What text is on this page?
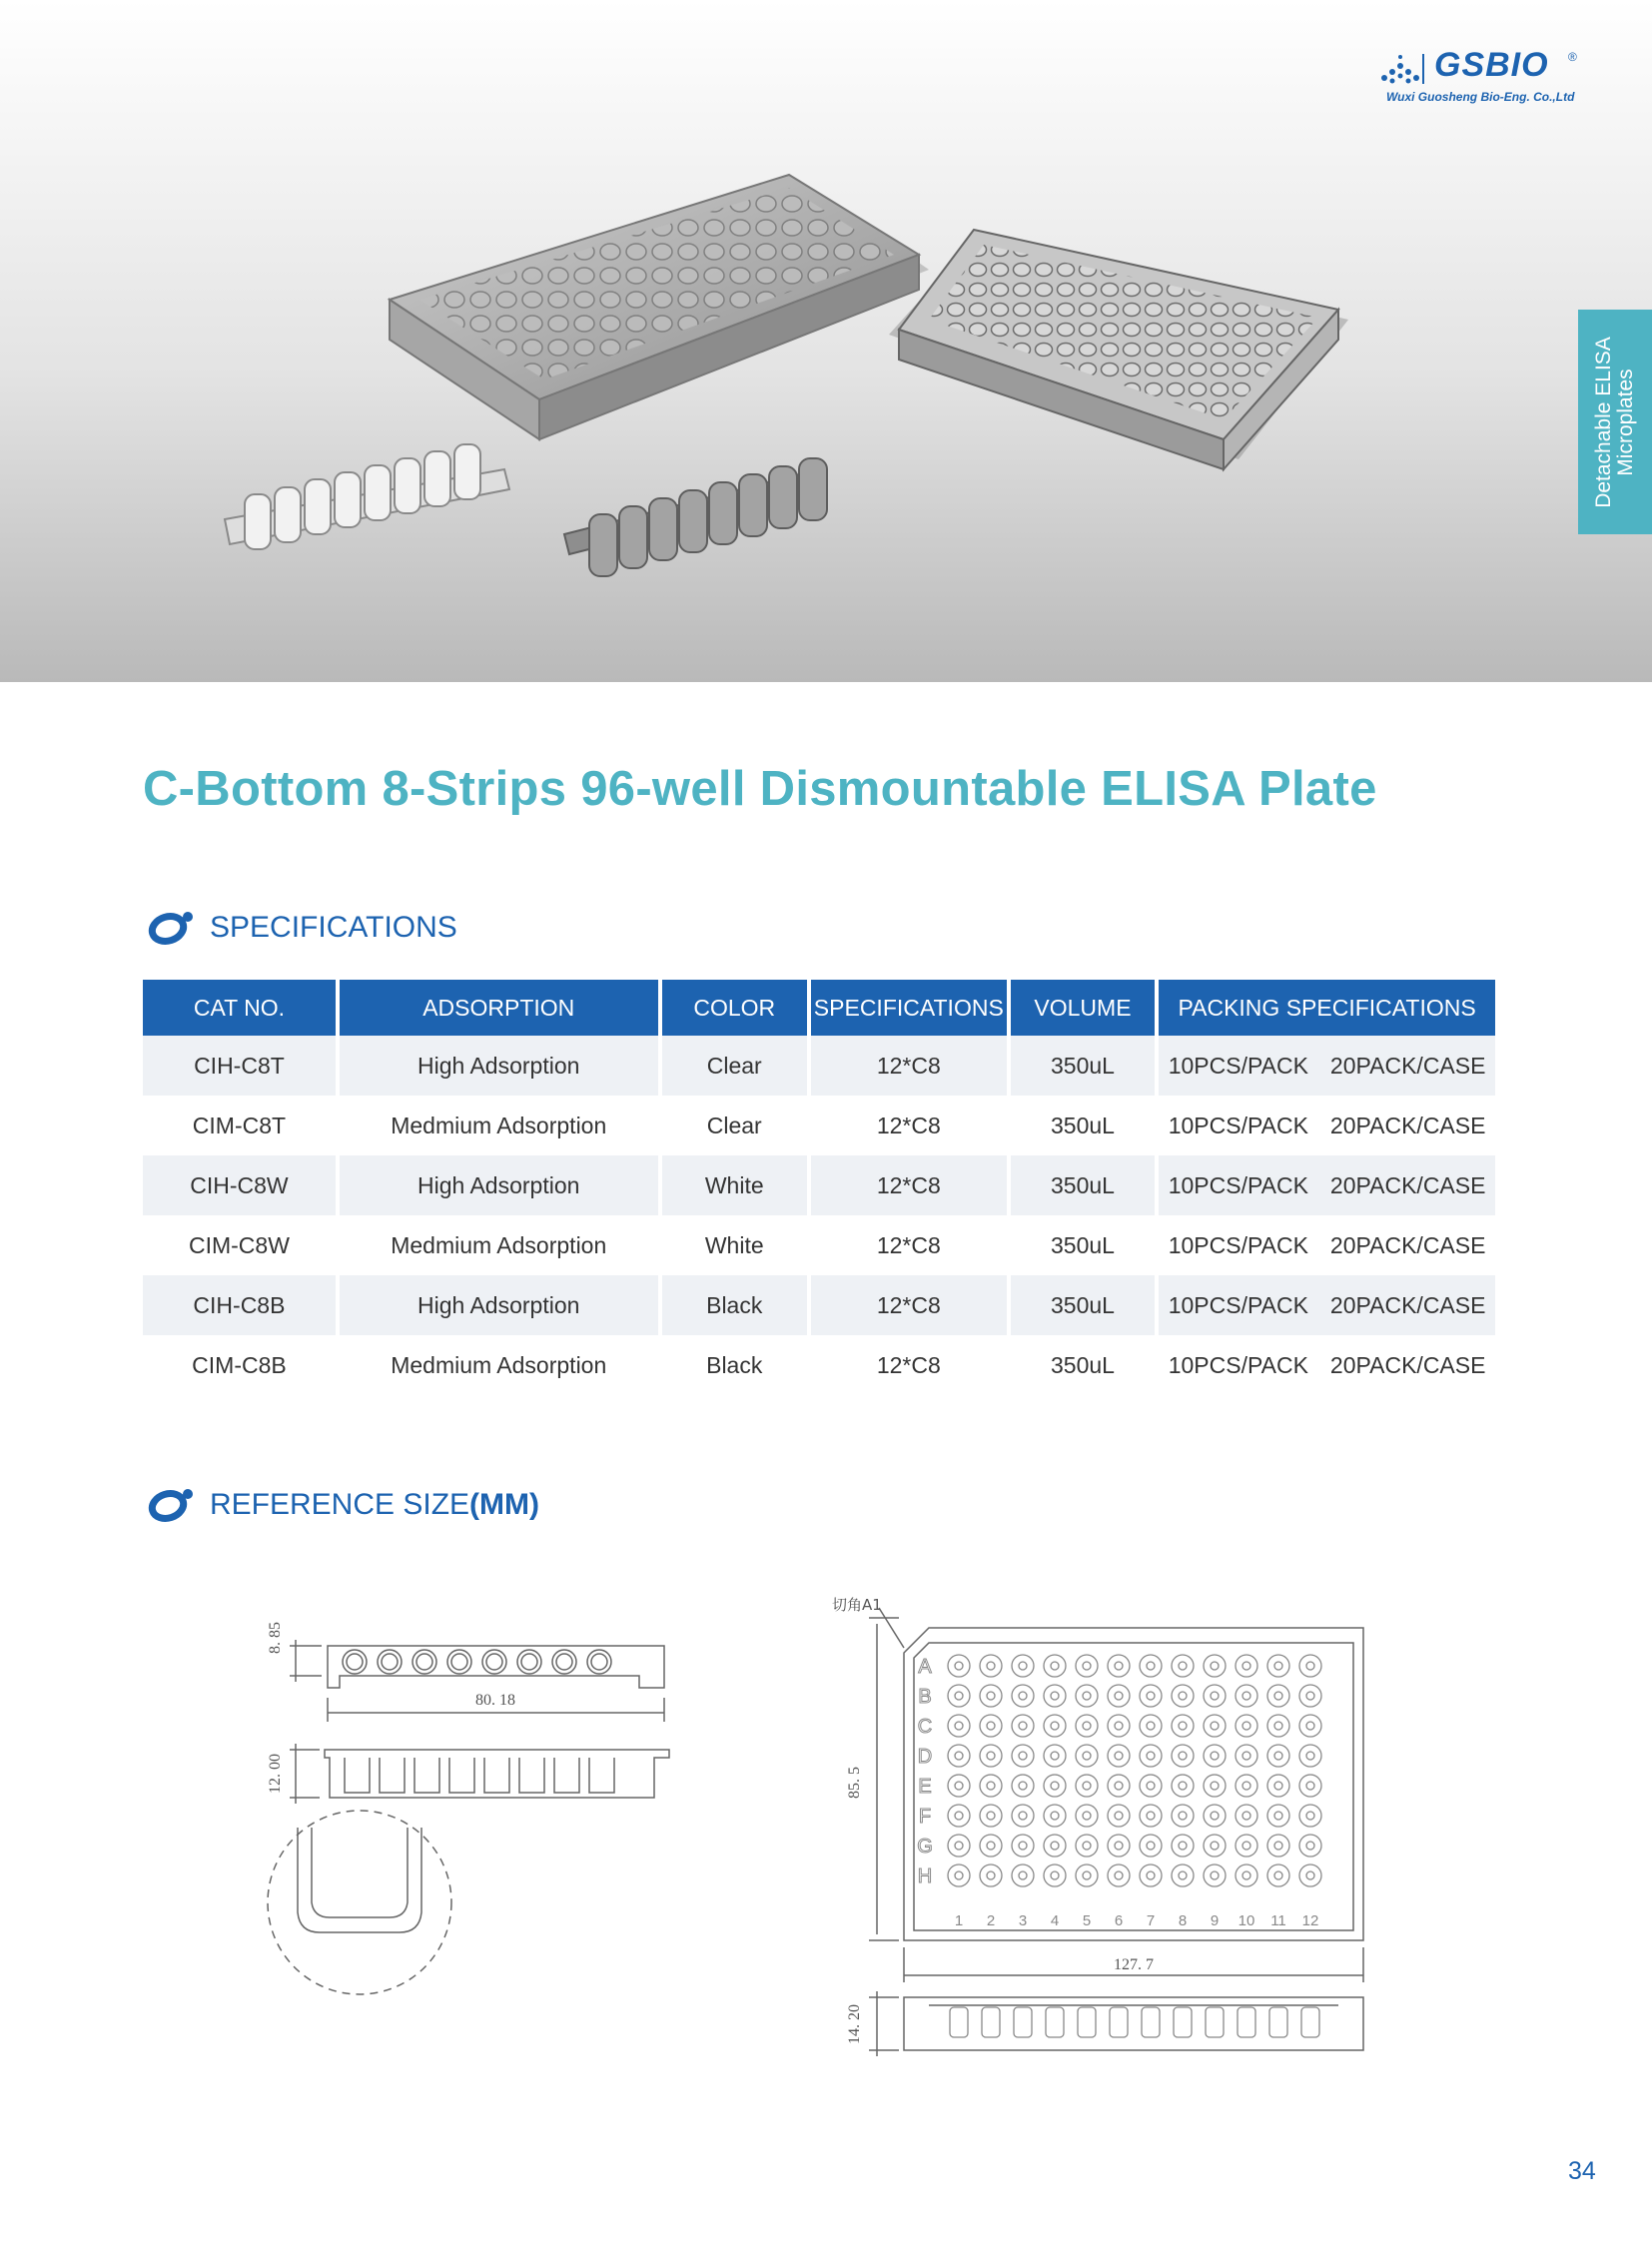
GSBIO ®
Wuxi Guosheng Bio-Eng. Co.,Ltd
Detachable ELISA Microplates
C-Bottom 8-Strips 96-well Dismountable ELISA Plate
SPECIFICATIONS
CAT NO.	ADSORPTION	COLOR	SPECIFICATIONS	VOLUME	PACKING SPECIFICATIONS
CIH-C8T	High Adsorption	Clear	12*C8	350uL	10PCS/PACK 20PACK/CASE
CIM-C8T	Medmium Adsorption	Clear	12*C8	350uL	10PCS/PACK 20PACK/CASE
CIH-C8W	High Adsorption	White	12*C8	350uL	10PCS/PACK 20PACK/CASE
CIM-C8W	Medmium Adsorption	White	12*C8	350uL	10PCS/PACK 20PACK/CASE
CIH-C8B	High Adsorption	Black	12*C8	350uL	10PCS/PACK 20PACK/CASE
CIM-C8B	Medmium Adsorption	Black	12*C8	350uL	10PCS/PACK 20PACK/CASE
REFERENCE SIZE(MM)
A
B
C
D
E
F
G
H
1 2 3 4 5 6 7 8 9 10 11 12
8. 85
80. 18
12. 00
切角A1
85. 5
127. 7
14. 20
34
